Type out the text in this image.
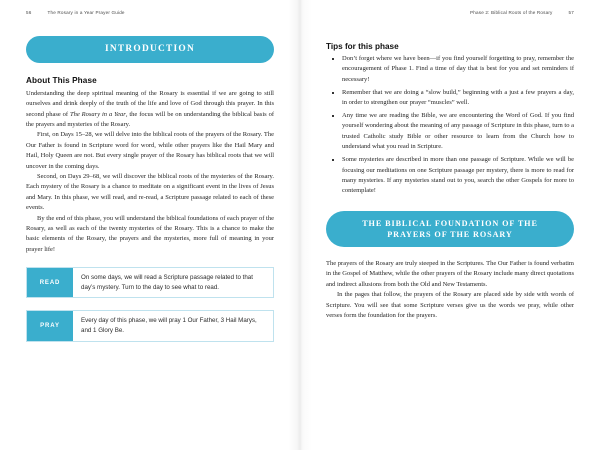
56	The Rosary in a Year Prayer Guide
INTRODUCTION
About This Phase

Understanding the deep spiritual meaning of the Rosary is essential if we are going to still ourselves and drink deeply of the truth of the life and love of God through this prayer. In this second phase of The Rosary in a Year, the focus will be on understanding the biblical basis of the prayers and mysteries of the Rosary.

First, on Days 15–28, we will delve into the biblical roots of the prayers of the Rosary. The Our Father is found in Scripture word for word, while other prayers like the Hail Mary and Hail, Holy Queen are not. But every single prayer of the Rosary has biblical roots that we will uncover in the coming days.

Second, on Days 29–68, we will discover the biblical roots of the mysteries of the Rosary. Each mystery of the Rosary is a chance to meditate on a significant event in the lives of Jesus and Mary. In this phase, we will read, and re-read, a Scripture passage related to each of these events.

By the end of this phase, you will understand the biblical foundations of each prayer of the Rosary, as well as each of the twenty mysteries of the Rosary. This is a chance to make the basic elements of the Rosary, the prayers and the mysteries, more full of meaning in your prayer life!

READ
On some days, we will read a Scripture passage related to that day’s mystery. Turn to the day to see what to read.
PRAY
Every day of this phase, we will pray 1 Our Father, 3 Hail Marys, and 1 Glory Be.
Phase 2: Biblical Roots of the Rosary	57
Tips for this phase
Don’t forget where we have been—if you find yourself forgetting to pray, remember the encouragement of Phase 1. Find a time of day that is best for you and set reminders if necessary!
Remember that we are doing a “slow build,” beginning with a just a few prayers a day, in order to strengthen our prayer “muscles” well.
Any time we are reading the Bible, we are encountering the Word of God. If you find yourself wondering about the meaning of any passage of Scripture in this phase, turn to a trusted Catholic study Bible or other resource to learn from the Church how to understand what you read in Scripture.
Some mysteries are described in more than one passage of Scripture. While we will be focusing our meditations on one Scripture passage per mystery, there is more to read for many mysteries. If any mysteries stand out to you, search the other Gospels for more to contemplate!
THE BIBLICAL FOUNDATION OF THE
PRAYERS OF THE ROSARY

The prayers of the Rosary are truly steeped in the Scriptures. The Our Father is found verbatim in the Gospel of Matthew, while the other prayers of the Rosary include many direct quotations and indirect allusions from both the Old and New Testaments.

In the pages that follow, the prayers of the Rosary are placed side by side with words of Scripture. You will see that some Scripture verses give us the words we pray, while other verses form the foundation for the prayers.
